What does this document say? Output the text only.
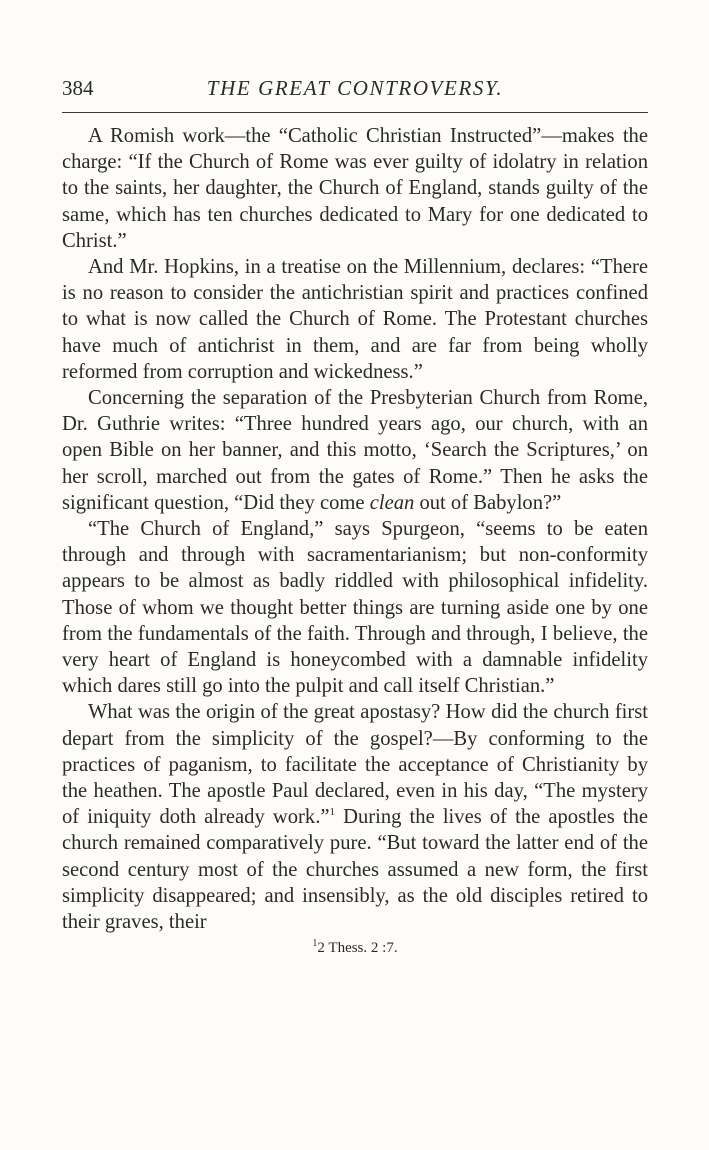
384	THE GREAT CONTROVERSY.

A Romish work—the “Catholic Christian Instructed”—makes the charge: “If the Church of Rome was ever guilty of idolatry in relation to the saints, her daughter, the Church of England, stands guilty of the same, which has ten churches dedicated to Mary for one dedicated to Christ.”

And Mr. Hopkins, in a treatise on the Millennium, declares: “There is no reason to consider the antichristian spirit and practices confined to what is now called the Church of Rome. The Protestant churches have much of antichrist in them, and are far from being wholly reformed from corruption and wickedness.”

Concerning the separation of the Presbyterian Church from Rome, Dr. Guthrie writes: “Three hundred years ago, our church, with an open Bible on her banner, and this motto, ‘Search the Scriptures,’ on her scroll, marched out from the gates of Rome.” Then he asks the significant question, “Did they come clean out of Babylon?”

“The Church of England,” says Spurgeon, “seems to be eaten through and through with sacramentarianism; but non-conformity appears to be almost as badly riddled with philosophical infidelity. Those of whom we thought better things are turning aside one by one from the fundamentals of the faith. Through and through, I believe, the very heart of England is honeycombed with a damnable infidelity which dares still go into the pulpit and call itself Christian.”

What was the origin of the great apostasy? How did the church first depart from the simplicity of the gospel?—By conforming to the practices of paganism, to facilitate the acceptance of Christianity by the heathen. The apostle Paul declared, even in his day, “The mystery of iniquity doth already work.”$^1$ During the lives of the apostles the church remained comparatively pure. “But toward the latter end of the second century most of the churches assumed a new form, the first simplicity disappeared; and insensibly, as the old disciples retired to their graves, their

$^1$2 Thess. 2 :7.
